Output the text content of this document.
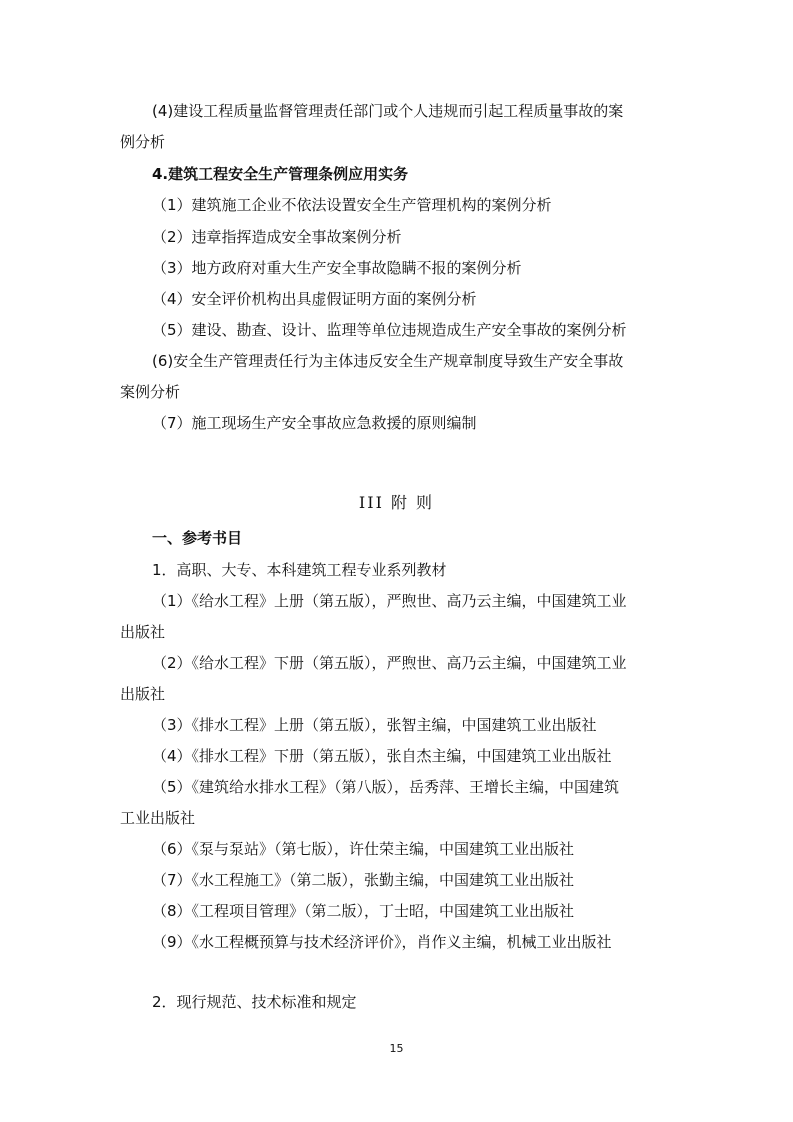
(4)建设工程质量监督管理责任部门或个人违规而引起工程质量事故的案
例分析
4.建筑工程安全生产管理条例应用实务
（1）建筑施工企业不依法设置安全生产管理机构的案例分析
（2）违章指挥造成安全事故案例分析
（3）地方政府对重大生产安全事故隐瞒不报的案例分析
（4）安全评价机构出具虚假证明方面的案例分析
（5）建设、勘查、设计、监理等单位违规造成生产安全事故的案例分析
(6)安全生产管理责任行为主体违反安全生产规章制度导致生产安全事故
案例分析
（7）施工现场生产安全事故应急救援的原则编制
III 附 则
一、参考书目
1．高职、大专、本科建筑工程专业系列教材
（1）《给水工程》上册（第五版），严煦世、高乃云主编，中国建筑工业
出版社
（2）《给水工程》下册（第五版），严煦世、高乃云主编，中国建筑工业
出版社
（3）《排水工程》上册（第五版），张智主编，中国建筑工业出版社
（4）《排水工程》下册（第五版），张自杰主编，中国建筑工业出版社
（5）《建筑给水排水工程》（第八版），岳秀萍、王增长主编，中国建筑
工业出版社
（6）《泵与泵站》（第七版），许仕荣主编，中国建筑工业出版社
（7）《水工程施工》（第二版），张勤主编，中国建筑工业出版社
（8）《工程项目管理》（第二版），丁士昭，中国建筑工业出版社
（9）《水工程概预算与技术经济评价》，肖作义主编，机械工业出版社
2．现行规范、技术标准和规定
15
